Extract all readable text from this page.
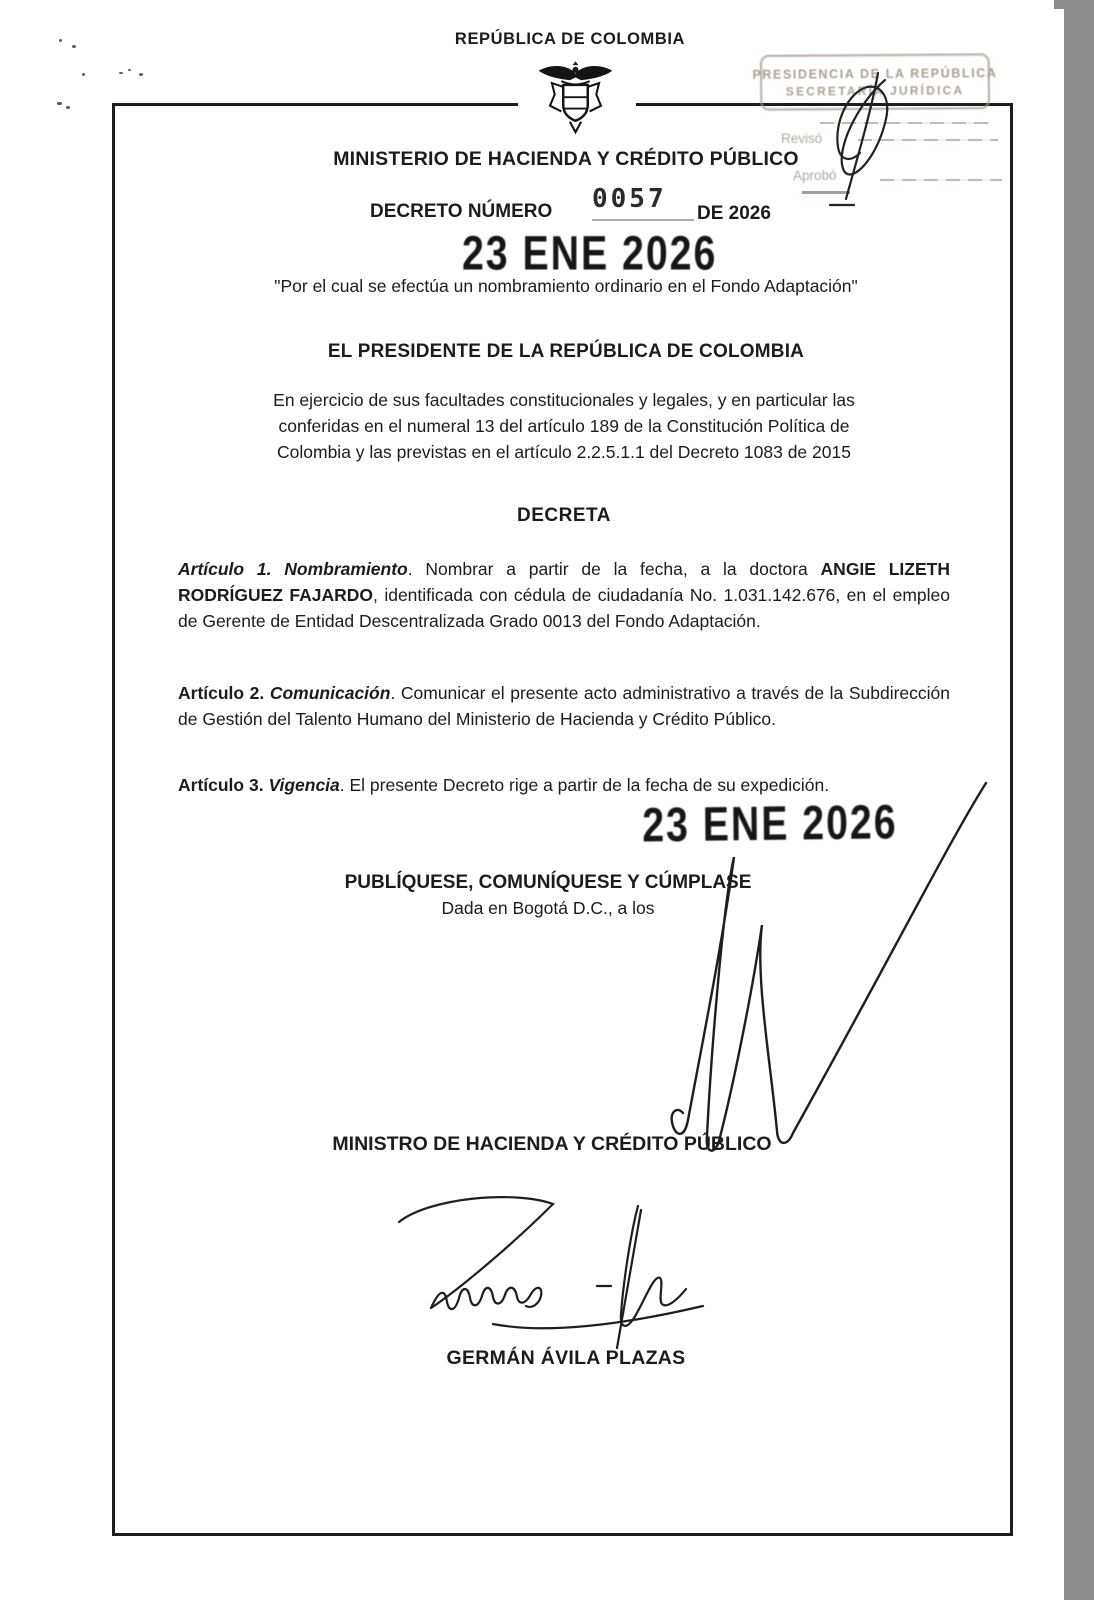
REPÚBLICA DE COLOMBIA
PRESIDENCIA DE LA REPÚBLICA
SECRETARÍA JURÍDICA
Revisó
Aprobó
MINISTERIO DE HACIENDA Y CRÉDITO PÚBLICO
DECRETO NÚMERO 0057 DE 2026
23 ENE 2026
"Por el cual se efectúa un nombramiento ordinario en el Fondo Adaptación"
EL PRESIDENTE DE LA REPÚBLICA DE COLOMBIA
En ejercicio de sus facultades constitucionales y legales, y en particular las
conferidas en el numeral 13 del artículo 189 de la Constitución Política de
Colombia y las previstas en el artículo 2.2.5.1.1 del Decreto 1083 de 2015
DECRETA
Artículo 1. Nombramiento. Nombrar a partir de la fecha, a la doctora ANGIE LIZETH RODRÍGUEZ FAJARDO, identificada con cédula de ciudadanía No. 1.031.142.676, en el empleo de Gerente de Entidad Descentralizada Grado 0013 del Fondo Adaptación.
Artículo 2. Comunicación. Comunicar el presente acto administrativo a través de la Subdirección de Gestión del Talento Humano del Ministerio de Hacienda y Crédito Público.
Artículo 3. Vigencia. El presente Decreto rige a partir de la fecha de su expedición.
23 ENE 2026
PUBLÍQUESE, COMUNÍQUESE Y CÚMPLASE
Dada en Bogotá D.C., a los
MINISTRO DE HACIENDA Y CRÉDITO PÚBLICO
GERMÁN ÁVILA PLAZAS
